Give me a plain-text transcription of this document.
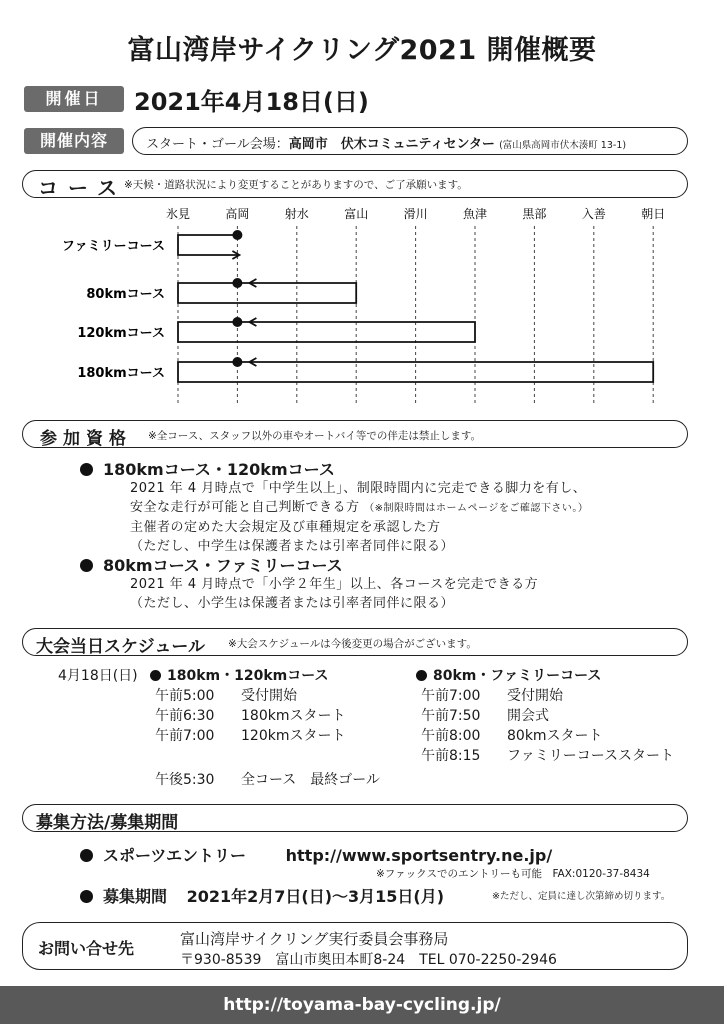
富山湾岸サイクリング2021 開催概要
開催日	2021年4月18日(日)
開催内容	スタート・ゴール会場：高岡市　伏木コミュニティセンター (富山県高岡市伏木湊町 13-1)
コース
※天候・道路状況により変更することがありますので、ご了承願います。
氷見	高岡	射水	富山	滑川	魚津	黒部	入善	朝日
ファミリーコース
80kmコース
120kmコース
180kmコース
参加資格 ※全コース、スタッフ以外の車やオートバイ等での伴走は禁止します。
180kmコース・120kmコース
2021 年 4 月時点で「中学生以上」、制限時間内に完走できる脚力を有し、
安全な走行が可能と自己判断できる方 （※制限時間はホームページをご確認下さい。）
主催者の定めた大会規定及び車種規定を承認した方
（ただし、中学生は保護者または引率者同伴に限る）
80kmコース・ファミリーコース
2021 年 4 月時点で「小学２年生」以上、各コースを完走できる方
（ただし、小学生は保護者または引率者同伴に限る）
大会当日スケジュール ※大会スケジュールは今後変更の場合がございます。
4月18日(日)	180km・120kmコース
午前5:00 受付開始
午前6:30 180kmスタート
午前7:00 120kmスタート
80km・ファミリーコース
午前7:00 受付開始
午前7:50 開会式
午前8:00 80kmスタート
午前8:15 ファミリーコーススタート
午後5:30 全コース　最終ゴール
募集方法/募集期間
スポーツエントリー http://www.sportsentry.ne.jp/
※ファックスでのエントリーも可能　FAX:0120-37-8434
募集期間 2021年2月7日(日)〜3月15日(月)	※ただし、定員に達し次第締め切ります。
お問い合せ先	富山湾岸サイクリング実行委員会事務局
〒930-8539　富山市奥田本町8-24　TEL 070-2250-2946
http://toyama-bay-cycling.jp/
